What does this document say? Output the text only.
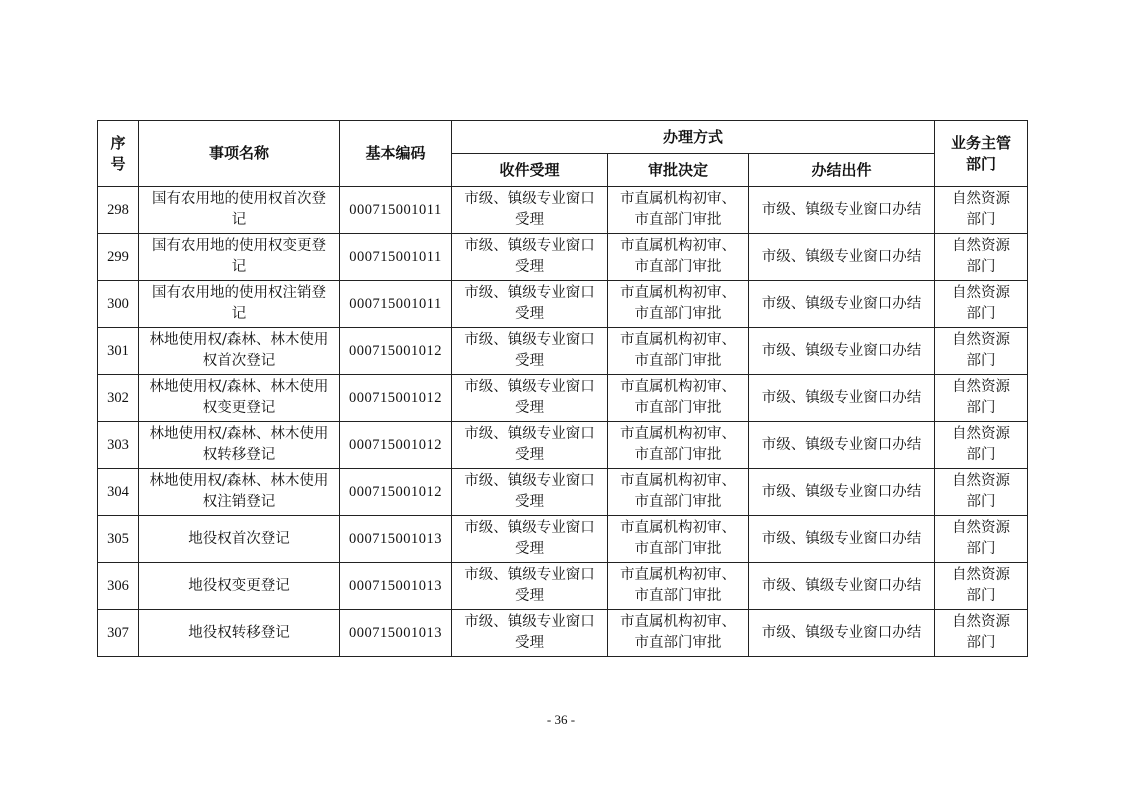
序号	事项名称	基本编码	办理方式			业务主管部门

			收件受理	审批决定	办结出件	

298	国有农用地的使用权首次登记	000715001011	市级、镇级专业窗口受理	市直属机构初审、市直部门审批	市级、镇级专业窗口办结	自然资源部门

299	国有农用地的使用权变更登记	000715001011	市级、镇级专业窗口受理	市直属机构初审、市直部门审批	市级、镇级专业窗口办结	自然资源部门

300	国有农用地的使用权注销登记	000715001011	市级、镇级专业窗口受理	市直属机构初审、市直部门审批	市级、镇级专业窗口办结	自然资源部门

301	林地使用权/森林、林木使用权首次登记	000715001012	市级、镇级专业窗口受理	市直属机构初审、市直部门审批	市级、镇级专业窗口办结	自然资源部门

302	林地使用权/森林、林木使用权变更登记	000715001012	市级、镇级专业窗口受理	市直属机构初审、市直部门审批	市级、镇级专业窗口办结	自然资源部门

303	林地使用权/森林、林木使用权转移登记	000715001012	市级、镇级专业窗口受理	市直属机构初审、市直部门审批	市级、镇级专业窗口办结	自然资源部门

304	林地使用权/森林、林木使用权注销登记	000715001012	市级、镇级专业窗口受理	市直属机构初审、市直部门审批	市级、镇级专业窗口办结	自然资源部门

305	地役权首次登记	000715001013	市级、镇级专业窗口受理	市直属机构初审、市直部门审批	市级、镇级专业窗口办结	自然资源部门

306	地役权变更登记	000715001013	市级、镇级专业窗口受理	市直属机构初审、市直部门审批	市级、镇级专业窗口办结	自然资源部门

307	地役权转移登记	000715001013	市级、镇级专业窗口受理	市直属机构初审、市直部门审批	市级、镇级专业窗口办结	自然资源部门
- 36 -
